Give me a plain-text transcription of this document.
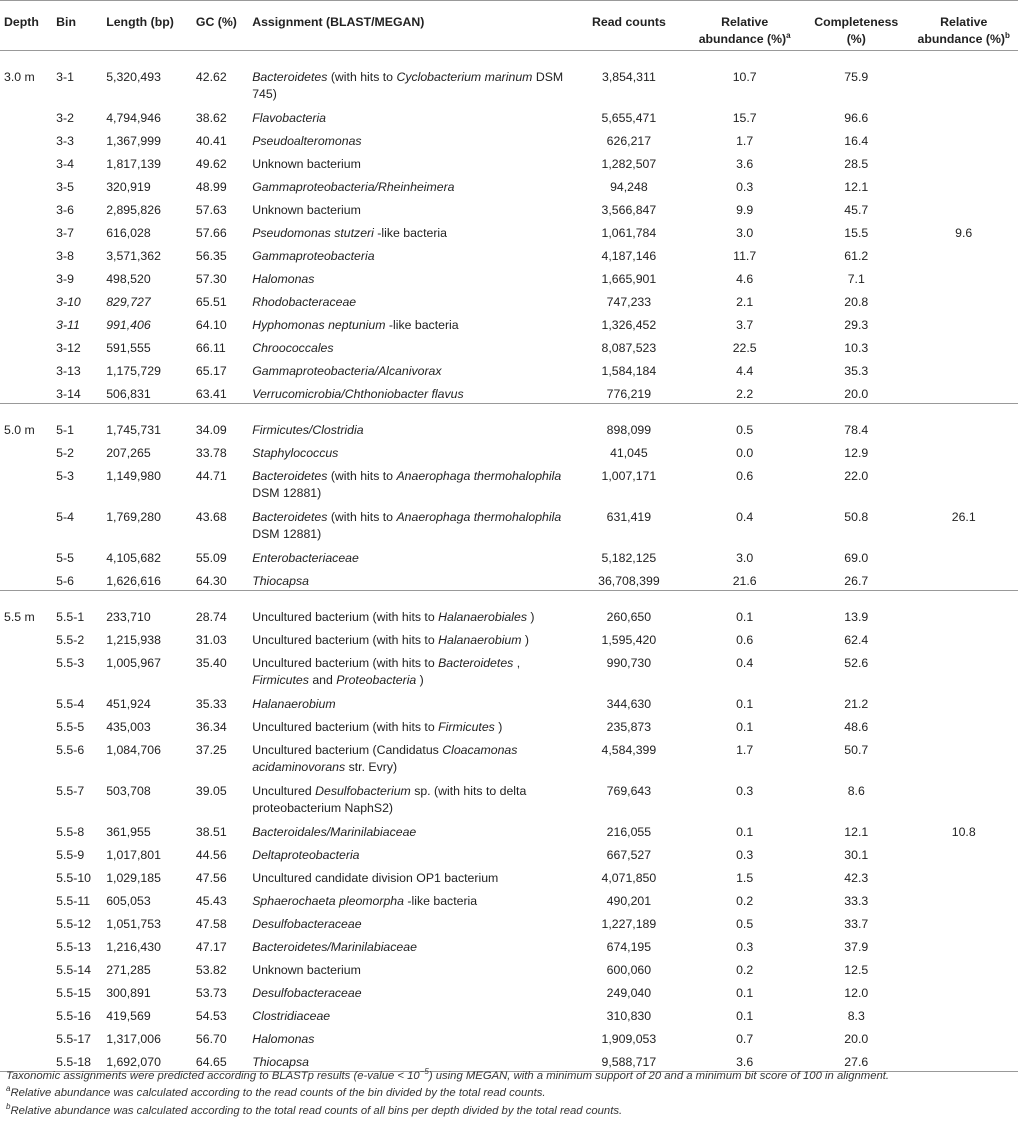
Depth	Bin	Length (bp)	GC (%)	Assignment (BLAST/MEGAN)	Read counts	Relative
abundance (%)$^a$	Completeness
(%)	Relative
abundance (%)$^b$
3.0 m	3-1	5,320,493	42.62	Bacteroidetes (with hits to Cyclobacterium marinum DSM 745)	3,854,311	10.7	75.9	
	3-2	4,794,946	38.62	Flavobacteria	5,655,471	15.7	96.6	
	3-3	1,367,999	40.41	Pseudoalteromonas	626,217	1.7	16.4	
	3-4	1,817,139	49.62	Unknown bacterium	1,282,507	3.6	28.5	
	3-5	320,919	48.99	Gammaproteobacteria/Rheinheimera	94,248	0.3	12.1	
	3-6	2,895,826	57.63	Unknown bacterium	3,566,847	9.9	45.7	
	3-7	616,028	57.66	Pseudomonas stutzeri -like bacteria	1,061,784	3.0	15.5	9.6
	3-8	3,571,362	56.35	Gammaproteobacteria	4,187,146	11.7	61.2	
	3-9	498,520	57.30	Halomonas	1,665,901	4.6	7.1	
	3-10	829,727	65.51	Rhodobacteraceae	747,233	2.1	20.8	
	3-11	991,406	64.10	Hyphomonas neptunium -like bacteria	1,326,452	3.7	29.3	
	3-12	591,555	66.11	Chroococcales	8,087,523	22.5	10.3	
	3-13	1,175,729	65.17	Gammaproteobacteria/Alcanivorax	1,584,184	4.4	35.3	
	3-14	506,831	63.41	Verrucomicrobia/Chthoniobacter flavus	776,219	2.2	20.0	
5.0 m	5-1	1,745,731	34.09	Firmicutes/Clostridia	898,099	0.5	78.4	
	5-2	207,265	33.78	Staphylococcus	41,045	0.0	12.9	
	5-3	1,149,980	44.71	Bacteroidetes (with hits to Anaerophaga thermohalophila DSM 12881)	1,007,171	0.6	22.0	
	5-4	1,769,280	43.68	Bacteroidetes (with hits to Anaerophaga thermohalophila DSM 12881)	631,419	0.4	50.8	26.1
	5-5	4,105,682	55.09	Enterobacteriaceae	5,182,125	3.0	69.0	
	5-6	1,626,616	64.30	Thiocapsa	36,708,399	21.6	26.7	
5.5 m	5.5-1	233,710	28.74	Uncultured bacterium (with hits to Halanaerobiales )	260,650	0.1	13.9	
	5.5-2	1,215,938	31.03	Uncultured bacterium (with hits to Halanaerobium )	1,595,420	0.6	62.4	
	5.5-3	1,005,967	35.40	Uncultured bacterium (with hits to Bacteroidetes , Firmicutes and Proteobacteria )	990,730	0.4	52.6	
	5.5-4	451,924	35.33	Halanaerobium	344,630	0.1	21.2	
	5.5-5	435,003	36.34	Uncultured bacterium (with hits to Firmicutes )	235,873	0.1	48.6	
	5.5-6	1,084,706	37.25	Uncultured bacterium (Candidatus Cloacamonas acidaminovorans str. Evry)	4,584,399	1.7	50.7	
	5.5-7	503,708	39.05	Uncultured Desulfobacterium sp. (with hits to delta proteobacterium NaphS2)	769,643	0.3	8.6	
	5.5-8	361,955	38.51	Bacteroidales/Marinilabiaceae	216,055	0.1	12.1	10.8
	5.5-9	1,017,801	44.56	Deltaproteobacteria	667,527	0.3	30.1	
	5.5-10	1,029,185	47.56	Uncultured candidate division OP1 bacterium	4,071,850	1.5	42.3	
	5.5-11	605,053	45.43	Sphaerochaeta pleomorpha -like bacteria	490,201	0.2	33.3	
	5.5-12	1,051,753	47.58	Desulfobacteraceae	1,227,189	0.5	33.7	
	5.5-13	1,216,430	47.17	Bacteroidetes/Marinilabiaceae	674,195	0.3	37.9	
	5.5-14	271,285	53.82	Unknown bacterium	600,060	0.2	12.5	
	5.5-15	300,891	53.73	Desulfobacteraceae	249,040	0.1	12.0	
	5.5-16	419,569	54.53	Clostridiaceae	310,830	0.1	8.3	
	5.5-17	1,317,006	56.70	Halomonas	1,909,053	0.7	20.0	
	5.5-18	1,692,070	64.65	Thiocapsa	9,588,717	3.6	27.6	

Taxonomic assignments were predicted according to BLASTp results (e-value < $10^{-5}$) using MEGAN, with a minimum support of 20 and a minimum bit score of 100 in alignment.

$^a$Relative abundance was calculated according to the read counts of the bin divided by the total read counts.

$^b$Relative abundance was calculated according to the total read counts of all bins per depth divided by the total read counts.
